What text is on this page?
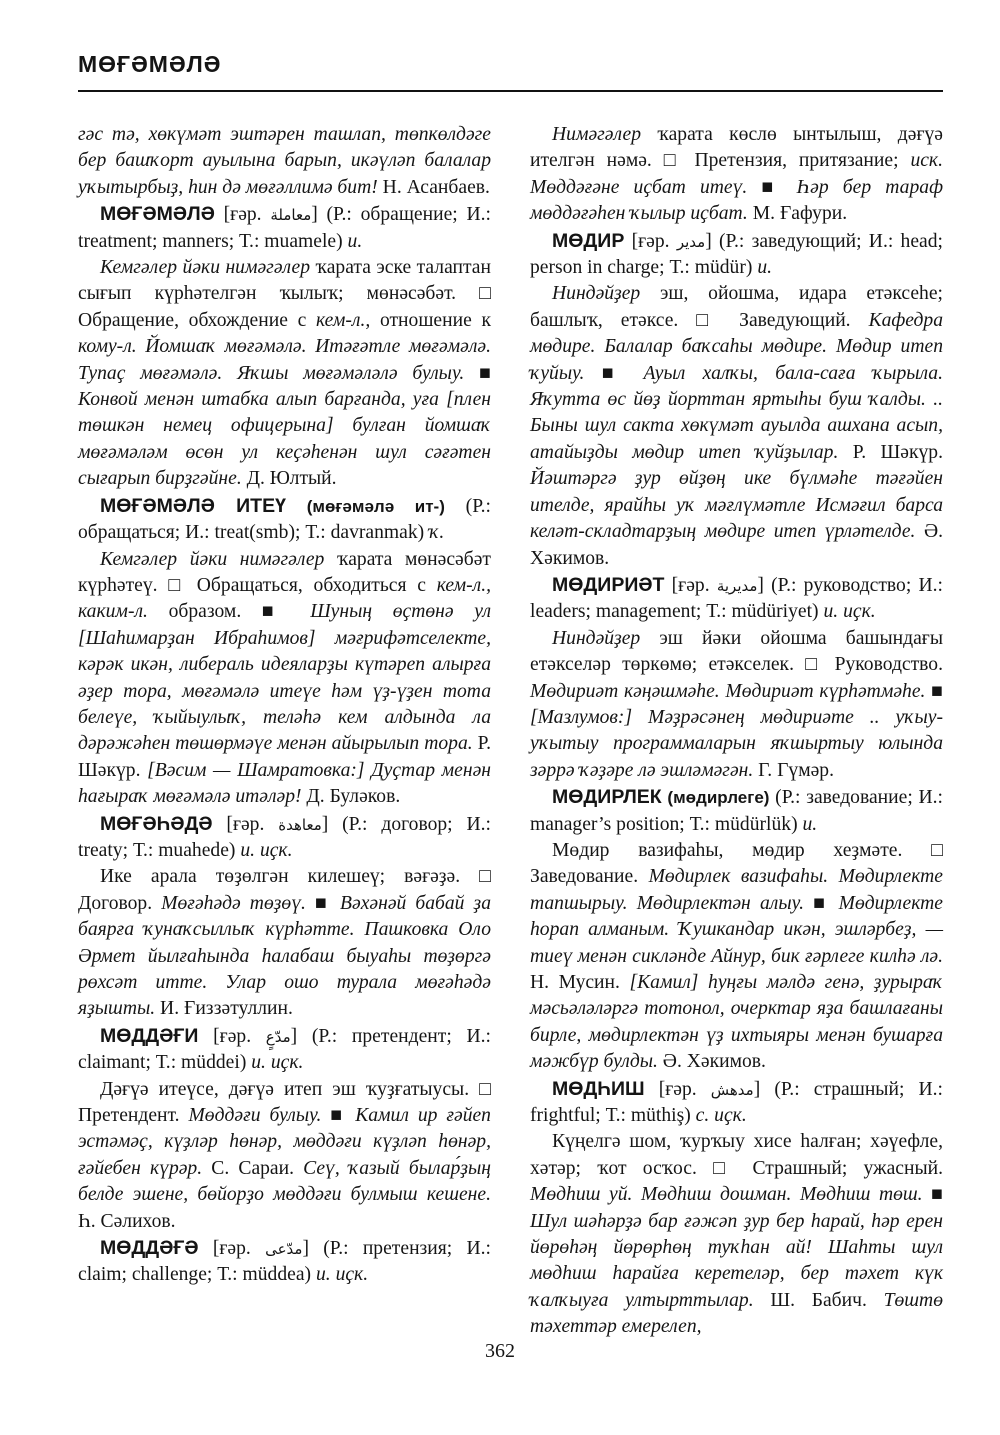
МӨҒӘМӘЛӘ

гәс тә, хөкүмәт эштәрен ташлап, төпкөлдәге бер башҡорт ауылына барып, икәүләп балалар уҡытырбыҙ, һин дә мөғәллимә бит! Н. Асанбаев.

МӨҒӘМӘЛӘ [ғәр. معاملة] (Р.: обращение; И.: treatment; manners; Т.: muamele) и.

Кемгәлер йәки нимәгәлер ҡарата эске талаптан сығып күрһәтелгән ҡылыҡ; мөнәсәбәт. □ Обращение, обхождение с кем-л., отношение к кому-л. Йомшаҡ мөғәмәлә. Итәғәтле мөғәмәлә. Тупаҫ мөғәмәлә. Яҡшы мөғәмәләлә булыу. ■ Конвой менән штабка алып барғанда, уға [плен төшкән немец офицерына] булған йомшаҡ мөғәмәләм өсөн ул кеҫәһенән шул сәғәтен сығарып бирҙгәйне. Д. Юлтый.

МӨҒӘМӘЛӘ ИТЕҮ (мөғәмәлә ит-) (Р.: обращаться; И.: treat(smb); Т.: davranmak) ҡ.

Кемгәлер йәки нимәгәлер ҡарата мөнәсәбәт күрһәтеү. □ Обращаться, обходиться с кем-л., каким-л. образом. ■ Шуның өҫтөнә ул [Шаһимарҙан Ибраһимов] мәғрифәтселекте, кәрәк икән, либераль идеяларҙы күтәреп алырға әҙер тора, мөғәмәлә итеүе һәм үҙ-үҙен тота белеүе, ҡыйыулыҡ, теләһә кем алдында ла дәрәжәһен төшөрмәүе менән айырылып тора. Р. Шәкүр. [Вәсим — Шамратовка:] Дуҫтар менән һағыраҡ мөғәмәлә итәләр! Д. Буләков.

МӨҒӘҺӘДӘ [ғәр. معاهدة] (Р.: договор; И.: treaty; Т.: muahede) и. иҫк.

Ике арала төҙөлгән килешеү; вәғәҙә. □ Договор. Мөғәһәдә төҙөү. ■ Вәхәнәй бабай ҙа баярға ҡунаҡсыллыҡ күрһәтте. Пашковка Оло Әрмет йылғаһында һалабаш быуаһы төҙөргә рөхсәт итте. Улар ошо турала мөғәһәдә яҙышты. И. Ғиззәтуллин.

МӨДДӘҒИ [ғәр. مدّعٍ] (Р.: претендент; И.: claimant; Т.: müddei) и. иҫк.

Дәғүә итеүсе, дәғүә итеп эш ҡуҙғатыусы. □ Претендент. Мөддәғи булыу. ■ Камил ир ғәйеп эстәмәҫ, күҙләр һөнәр, мөддәғи күҙләп һөнәр, ғәйебен күрәр. С. Сараи. Сеү, ҡазый былар́ҙың белде эшене, бөйорҙо мөддәғи булмыш кешене. Һ. Сәлихов.

МӨДДӘҒӘ [ғәр. مدّعى] (Р.: претензия; И.: claim; challenge; Т.: müddea) и. иҫк.

Нимәгәлер ҡарата көслө ынтылыш, дәғүә ителгән нәмә. □ Претензия, притязание; иск. Мөддәғәне иҫбат итеү. ■ Һәр бер тараф мөддәғәһен ҡылыр иҫбат. М. Ғафури.

МӨДИР [ғәр. مدير] (Р.: заведующий; И.: head; person in charge; Т.: müdür) и.

Ниндәйҙер эш, ойошма, идара етәксеһе; башлыҡ, етәксе. □ Заведующий. Кафедра мөдире. Балалар баҡсаһы мөдире. Мөдир итеп ҡуйыу. ■ Ауыл халҡы, бала-саға ҡырыла. Яҡутта өс йөҙ йорттан яртыһы буш ҡалды. .. Быны шул сакта хөкүмәт ауылда ашхана асып, атайыҙды мөдир итеп ҡуйҙылар. Р. Шәкүр. Йәштәргә ҙур өйҙөң ике бүлмәһе тәғәйен ителде, ярайһы уҡ мәғлүмәтле Исмәғил барса келәт-складтарҙың мөдире итеп үрләтелде. Ә. Хәкимов.

МӨДИРИӘТ [ғәр. مديرية] (Р.: руководство; И.: leaders; management; Т.: müdüriyet) и. иҫк.

Ниндәйҙер эш йәки ойошма башындағы етәкселәр төркөмө; етәкселек. □ Руководство. Мөдириәт кәңәшмәһе. Мөдириәт күрһәтмәһе. ■ [Мазлумов:] Мәҙрәсәнең мөдириәте .. уҡыу-уҡытыу программаларын яҡшыртыу юлында зәррә ҡәҙәре лә эшләмәгән. Г. Гүмәр.

МӨДИРЛЕК (мөдирлеге) (Р.: заведование; И.: manager’s position; Т.: müdürlük) и.

Мөдир вазифаһы, мөдир хеҙмәте. □ Заведование. Мөдирлек вазифаһы. Мөдирлекте тапшырыу. Мөдирлектән алыу. ■ Мөдирлекте һорап алманым. Ҡушкандар икән, эшләрбеҙ, — тиеү менән сикләнде Айнур, бик ғәрлеге килһә лә. Н. Мусин. [Камил] һуңғы мәлдә генә, ҙурыраҡ мәсьәләләргә тотонол, очерктар яҙа башлағаны бирле, мөдирлектән үҙ ихтыяры менән бушарға мәжбүр булды. Ә. Хәкимов.

МӨДҺИШ [ғәр. مدهش] (Р.: страшный; И.: frightful; Т.: müthiş) с. иҫк.

Күңелгә шом, ҡурҡыу хисе һалған; хәүефле, хәтәр; ҡот осҡос. □ Страшный; ужасный. Мөдһиш уй. Мөдһиш дошман. Мөдһиш төш. ■ Шул шәһәрҙә бар ғәжәп ҙур бер һарай, һәр ерен йөрөһәң йөрөрһөң туҡһан ай! Шаһты шул мөдһиш һарайға керетеләр, бер тәхет күк ҡалҡыуға ултырттылар. Ш. Бабич. Төштө тәхеттәр емерелеп,

362
